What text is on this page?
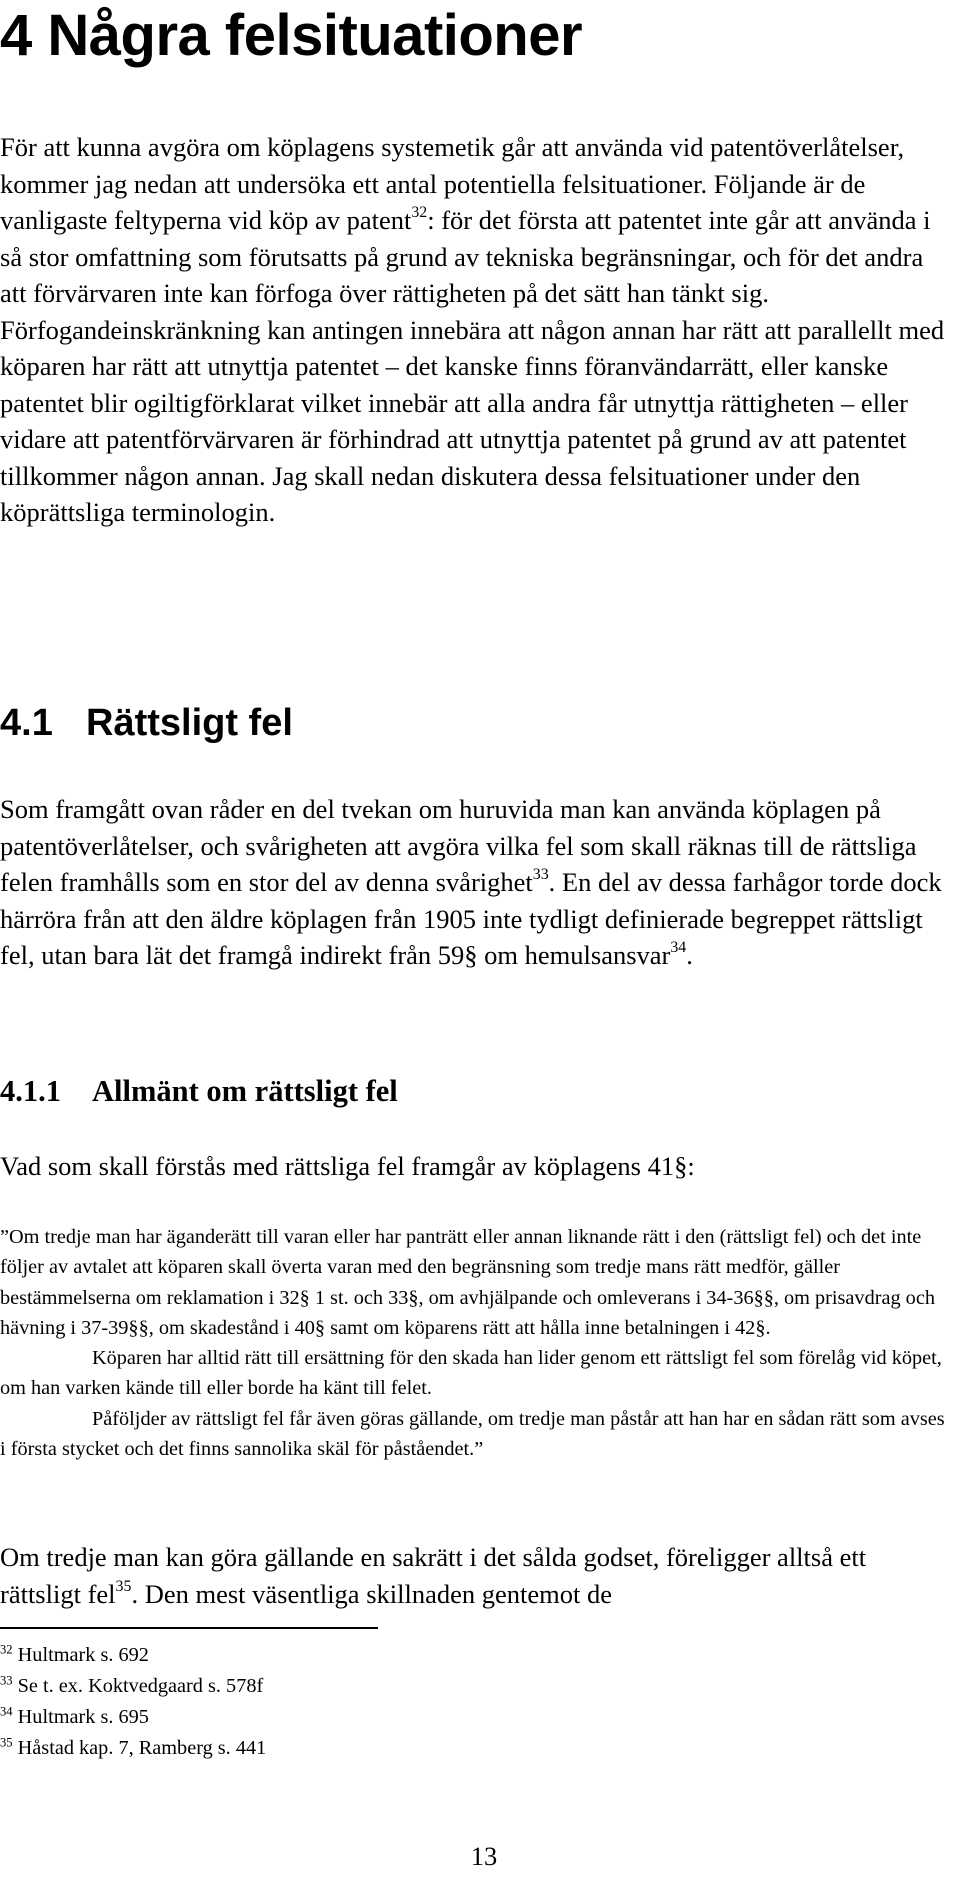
4 Några felsituationer

För att kunna avgöra om köplagens systemetik går att använda vid patentöverlåtelser, kommer jag nedan att undersöka ett antal potentiella felsituationer. Följande är de vanligaste feltyperna vid köp av patent$^{32}$: för det första att patentet inte går att använda i så stor omfattning som förutsatts på grund av tekniska begränsningar, och för det andra att förvärvaren inte kan förfoga över rättigheten på det sätt han tänkt sig. Förfogandeinskränkning kan antingen innebära att någon annan har rätt att parallellt med köparen har rätt att utnyttja patentet – det kanske finns föranvändarrätt, eller kanske patentet blir ogiltigförklarat vilket innebär att alla andra får utnyttja rättigheten – eller vidare att patentförvärvaren är förhindrad att utnyttja patentet på grund av att patentet tillkommer någon annan. Jag skall nedan diskutera dessa felsituationer under den köprättsliga terminologin.

4.1 Rättsligt fel

Som framgått ovan råder en del tvekan om huruvida man kan använda köplagen på patentöverlåtelser, och svårigheten att avgöra vilka fel som skall räknas till de rättsliga felen framhålls som en stor del av denna svårighet$^{33}$. En del av dessa farhågor torde dock härröra från att den äldre köplagen från 1905 inte tydligt definierade begreppet rättsligt fel, utan bara lät det framgå indirekt från 59§ om hemulsansvar$^{34}$.

4.1.1 Allmänt om rättsligt fel

Vad som skall förstås med rättsliga fel framgår av köplagens 41§:

”Om tredje man har äganderätt till varan eller har panträtt eller annan liknande rätt i den (rättsligt fel) och det inte följer av avtalet att köparen skall överta varan med den begränsning som tredje mans rätt medför, gäller bestämmelserna om reklamation i 32§ 1 st. och 33§, om avhjälpande och omleverans i 34-36§§, om prisavdrag och hävning i 37-39§§, om skadestånd i 40§ samt om köparens rätt att hålla inne betalningen i 42§.
Köparen har alltid rätt till ersättning för den skada han lider genom ett rättsligt fel som förelåg vid köpet, om han varken kände till eller borde ha känt till felet.
Påföljder av rättsligt fel får även göras gällande, om tredje man påstår att han har en sådan rätt som avses i första stycket och det finns sannolika skäl för påståendet.”

Om tredje man kan göra gällande en sakrätt i det sålda godset, föreligger alltså ett rättsligt fel$^{35}$. Den mest väsentliga skillnaden gentemot de

$^{32}$ Hultmark s. 692
$^{33}$ Se t. ex. Koktvedgaard s. 578f
$^{34}$ Hultmark s. 695
$^{35}$ Håstad kap. 7, Ramberg s. 441
13
